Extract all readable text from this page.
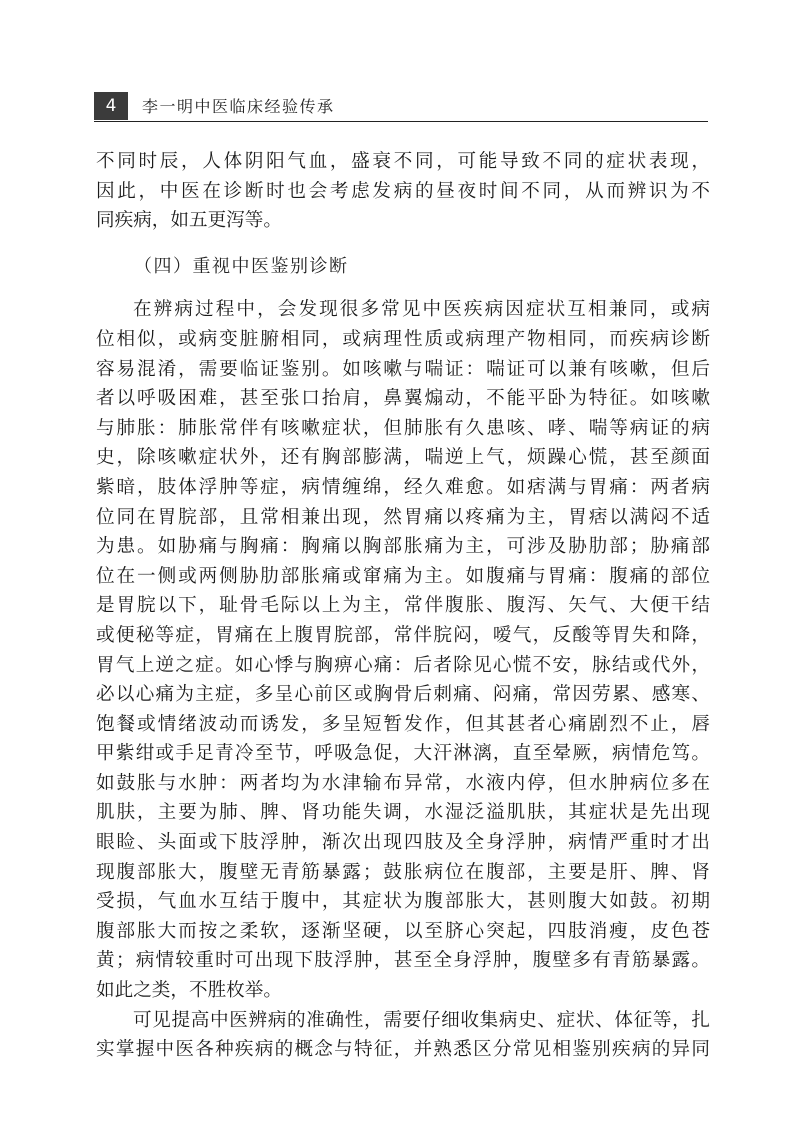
4	李一明中医临床经验传承
不同时辰，人体阴阳气血，盛衰不同，可能导致不同的症状表现，
因此，中医在诊断时也会考虑发病的昼夜时间不同，从而辨识为不
同疾病，如五更泻等。
（四）重视中医鉴别诊断
在辨病过程中，会发现很多常见中医疾病因症状互相兼同，或病
位相似，或病变脏腑相同，或病理性质或病理产物相同，而疾病诊断
容易混淆，需要临证鉴别。如咳嗽与喘证：喘证可以兼有咳嗽，但后
者以呼吸困难，甚至张口抬肩，鼻翼煽动，不能平卧为特征。如咳嗽
与肺胀：肺胀常伴有咳嗽症状，但肺胀有久患咳、哮、喘等病证的病
史，除咳嗽症状外，还有胸部膨满，喘逆上气，烦躁心慌，甚至颜面
紫暗，肢体浮肿等症，病情缠绵，经久难愈。如痞满与胃痛：两者病
位同在胃脘部，且常相兼出现，然胃痛以疼痛为主，胃痞以满闷不适
为患。如胁痛与胸痛：胸痛以胸部胀痛为主，可涉及胁肋部；胁痛部
位在一侧或两侧胁肋部胀痛或窜痛为主。如腹痛与胃痛：腹痛的部位
是胃脘以下，耻骨毛际以上为主，常伴腹胀、腹泻、矢气、大便干结
或便秘等症，胃痛在上腹胃脘部，常伴脘闷，嗳气，反酸等胃失和降，
胃气上逆之症。如心悸与胸痹心痛：后者除见心慌不安，脉结或代外，
必以心痛为主症，多呈心前区或胸骨后刺痛、闷痛，常因劳累、感寒、
饱餐或情绪波动而诱发，多呈短暂发作，但其甚者心痛剧烈不止，唇
甲紫绀或手足青冷至节，呼吸急促，大汗淋漓，直至晕厥，病情危笃。
如鼓胀与水肿：两者均为水津输布异常，水液内停，但水肿病位多在
肌肤，主要为肺、脾、肾功能失调，水湿泛溢肌肤，其症状是先出现
眼睑、头面或下肢浮肿，渐次出现四肢及全身浮肿，病情严重时才出
现腹部胀大，腹壁无青筋暴露；鼓胀病位在腹部，主要是肝、脾、肾
受损，气血水互结于腹中，其症状为腹部胀大，甚则腹大如鼓。初期
腹部胀大而按之柔软，逐渐坚硬，以至脐心突起，四肢消瘦，皮色苍
黄；病情较重时可出现下肢浮肿，甚至全身浮肿，腹壁多有青筋暴露。
如此之类，不胜枚举。
可见提高中医辨病的准确性，需要仔细收集病史、症状、体征等，扎
实掌握中医各种疾病的概念与特征，并熟悉区分常见相鉴别疾病的异同
